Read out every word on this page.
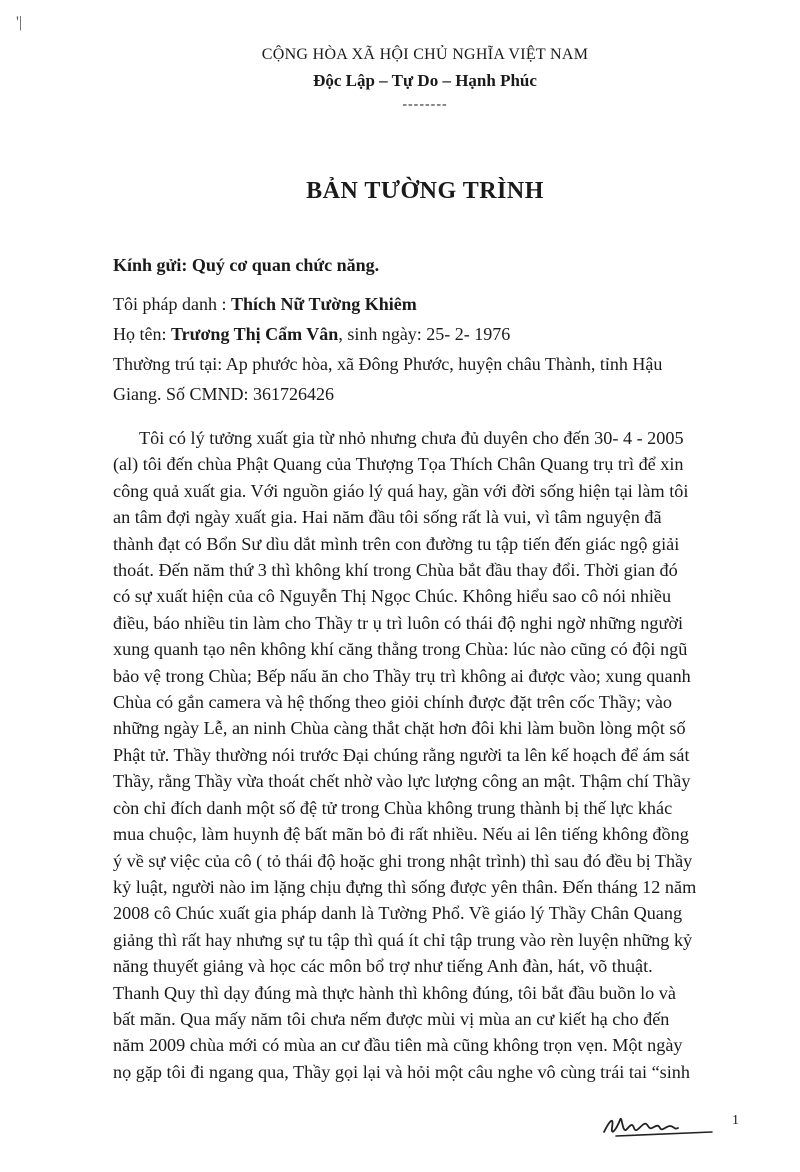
'|
CỘNG HÒA XÃ HỘI CHỦ NGHĨA VIỆT NAM
Độc Lập – Tự Do – Hạnh Phúc
--------
BẢN TƯỜNG TRÌNH
Kính gửi: Quý cơ quan chức năng.
Tôi pháp danh : Thích Nữ Tường Khiêm
Họ tên: Trương Thị Cẩm Vân, sinh ngày: 25- 2- 1976
Thường trú tại: Ap phước hòa, xã Đông Phước, huyện châu Thành, tỉnh Hậu
Giang. Số CMND: 361726426
Tôi có lý tưởng xuất gia từ nhỏ nhưng chưa đủ duyên cho đến 30- 4 - 2005
(al) tôi đến chùa Phật Quang của Thượng Tọa Thích Chân Quang trụ trì để xin
công quả xuất gia. Với nguồn giáo lý quá hay, gần với đời sống hiện tại làm tôi
an tâm đợi ngày xuất gia. Hai năm đầu tôi sống rất là vui, vì tâm nguyện đã
thành đạt có Bổn Sư dìu dắt mình trên con đường tu tập tiến đến giác ngộ giải
thoát. Đến năm thứ 3 thì không khí trong Chùa bắt đầu thay đổi. Thời gian đó
có sự xuất hiện của cô Nguyễn Thị Ngọc Chúc. Không hiểu sao cô nói nhiều
điều, báo nhiều tin làm cho Thầy tr ụ trì luôn có thái độ nghi ngờ những người
xung quanh tạo nên không khí căng thẳng trong Chùa: lúc nào cũng có đội ngũ
bảo vệ trong Chùa; Bếp nấu ăn cho Thầy trụ trì không ai được vào; xung quanh
Chùa có gắn camera và hệ thống theo giỏi chính được đặt trên cốc Thầy; vào
những ngày Lễ, an ninh Chùa càng thắt chặt hơn đôi khi làm buồn lòng một số
Phật tử. Thầy thường nói trước Đại chúng rằng người ta lên kế hoạch để ám sát
Thầy, rằng Thầy vừa thoát chết nhờ vào lực lượng công an mật. Thậm chí Thầy
còn chỉ đích danh một số đệ tử trong Chùa không trung thành bị thế lực khác
mua chuộc, làm huynh đệ bất mãn bỏ đi rất nhiều. Nếu ai lên tiếng không đồng
ý về sự việc của cô ( tỏ thái độ hoặc ghi trong nhật trình) thì sau đó đều bị Thầy
kỷ luật, người nào im lặng chịu đựng thì sống được yên thân. Đến tháng 12 năm
2008 cô Chúc xuất gia pháp danh là Tường Phổ. Về giáo lý Thầy Chân Quang
giảng thì rất hay nhưng sự tu tập thì quá ít chỉ tập trung vào rèn luyện những kỷ
năng thuyết giảng và học các môn bổ trợ như tiếng Anh đàn, hát, võ thuật.
Thanh Quy thì dạy đúng mà thực hành thì không đúng, tôi bắt đầu buồn lo và
bất mãn. Qua mấy năm tôi chưa nếm được mùi vị mùa an cư kiết hạ cho đến
năm 2009 chùa mới có mùa an cư đầu tiên mà cũng không trọn vẹn. Một ngày
nọ gặp tôi đi ngang qua, Thầy gọi lại và hỏi một câu nghe vô cùng trái tai “sinh
1
